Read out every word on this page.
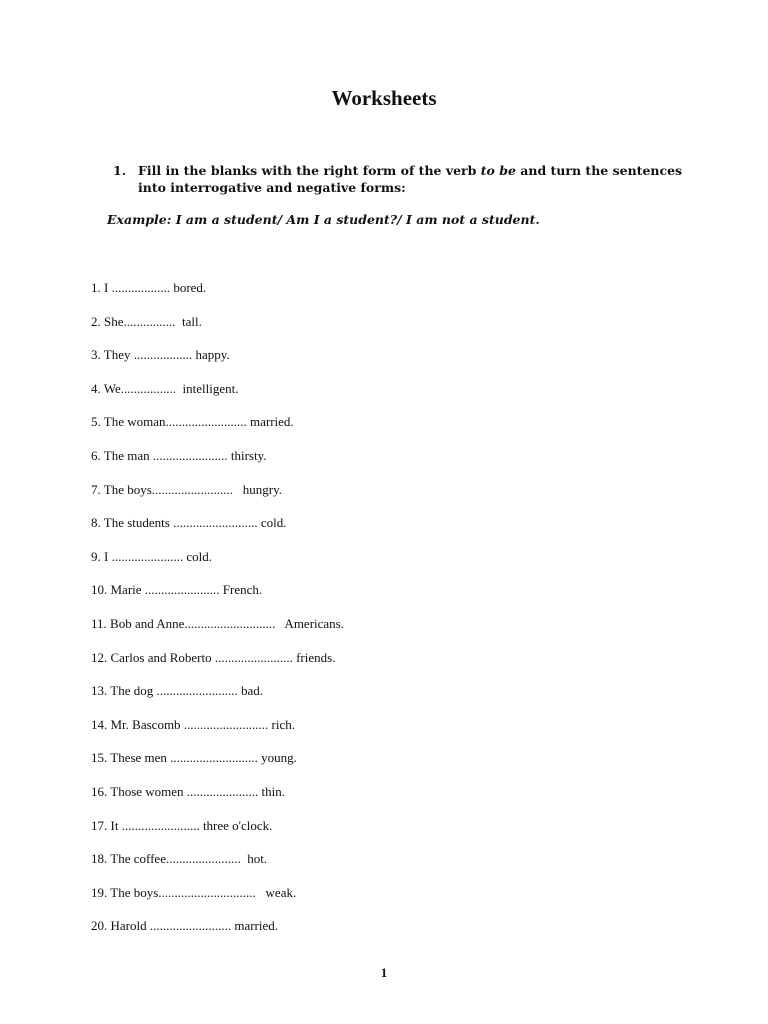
Worksheets
1. Fill in the blanks with the right form of the verb to be and turn the sentences into interrogative and negative forms:
Example: I am a student/ Am I a student?/ I am not a student.
1. I .................. bored.
2. She................  tall.
3. They .................. happy.
4. We.................  intelligent.
5. The woman......................... married.
6. The man ....................... thirsty.
7. The boys.........................   hungry.
8. The students .......................... cold.
9. I ...................... cold.
10. Marie ....................... French.
11. Bob and Anne............................   Americans.
12. Carlos and Roberto ........................ friends.
13. The dog ......................... bad.
14. Mr. Bascomb .......................... rich.
15. These men ........................... young.
16. Those women ...................... thin.
17. It ........................ three o'clock.
18. The coffee.......................  hot.
19. The boys..............................   weak.
20. Harold ......................... married.
1
